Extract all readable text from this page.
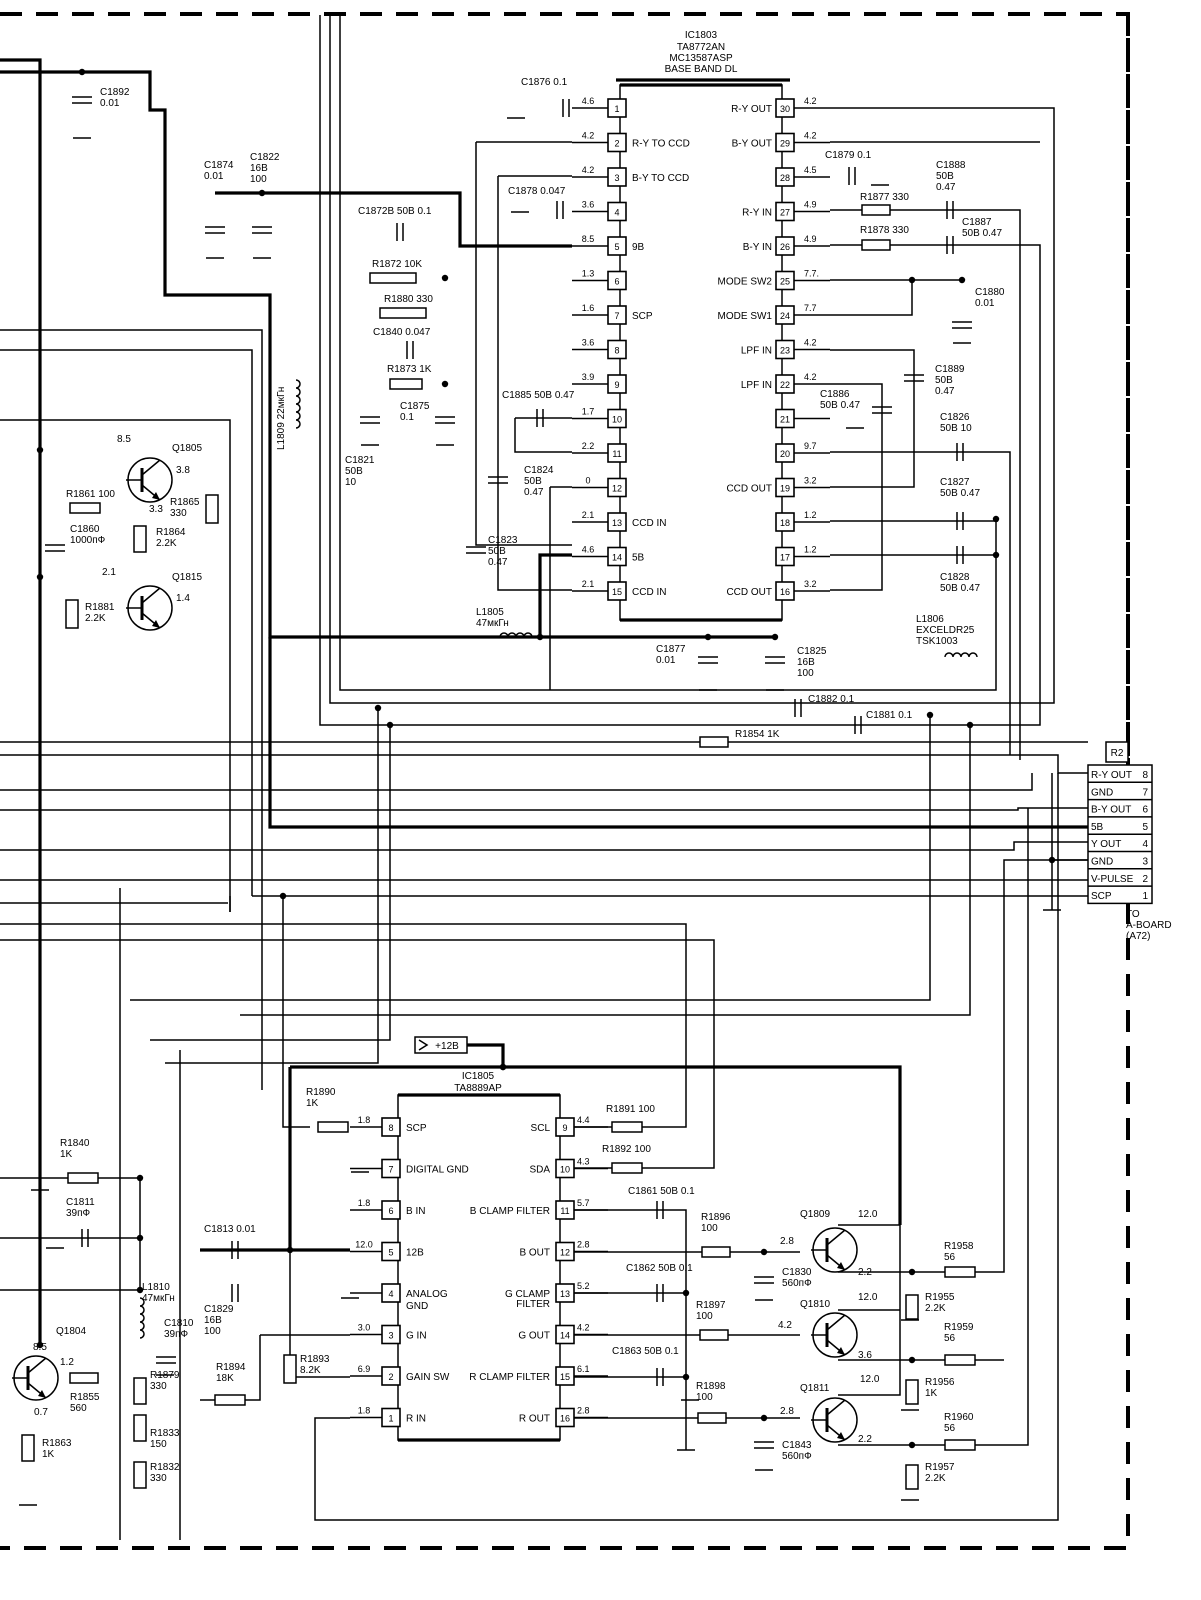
IC1803
TA8772AN
MC13587ASP
BASE BAND DL
1
4.6
2
4.2
R-Y TO CCD
3
4.2
B-Y TO CCD
4
3.6
5
8.5
9B
6
1.3
7
1.6
SCP
8
3.6
9
3.9
10
1.7
11
2.2
12
0
13
2.1
CCD IN
14
4.6
5B
15
2.1
CCD IN
30
4.2
R-Y OUT
29
4.2
B-Y OUT
28
4.5
27
4.9
R-Y IN
26
4.9
B-Y IN
25
7.7.
MODE SW2
24
7.7
MODE SW1
23
4.2
LPF IN
22
4.2
LPF IN
21
20
9.7
19
3.2
CCD OUT
18
1.2
17
1.2
16
3.2
CCD OUT
IC1805
TA8889AP
8
1.8
SCP
7 DIGITAL GND
6
1.8
B IN
5
12.0
12B
4 ANALOG
3
3.0
G IN
2
6.9
GAIN SW
1
1.8
R IN
GND
9
4.4
SCL
10
4.3
SDA
11
5.7
B CLAMP FILTER
12
2.8
B OUT
13
5.2
G CLAMP
14
4.2
G OUT
15
6.1
R CLAMP FILTER
16
2.8
R OUT
FILTER
+12B
R2
R-Y OUT 8
GND	7
B-Y OUT 6
5B	5
Y OUT 4
GND	3
V-PULSE 2
SCP	1
TO
A-BOARD
(A72)
C1892
0.01
C1874
0.01
C1822
16B
100
C1876 0.1
C1878 0.047
C1872B 50B 0.1
R1872 10K
R1880 330
C1840 0.047
R1873 1K
C1875
0.1
C1821
50B
10
C1885 50B 0.47
C1824
50B
0.47
C1823
50B
0.47
L1809 22мкГн
Q1805
8.5
3.8
3.3
R1861 100
R1865
330
C1860
1000пФ
R1864
2.2K
Q1815
2.1
1.4
R1881
2.2K
L1805
47мкГн
C1879 0.1
C1888
50B
0.47
R1877 330
C1887
50B 0.47
R1878 330
C1880
0.01
C1889
50B
0.47
C1886
50B 0.47
C1826
50B 10
C1827
50B 0.47
C1828
50B 0.47
L1806
EXCELDR25
TSK1003
C1877
0.01
C1825
16B
100
C1882 0.1
C1881 0.1
R1854 1K
R1890
1K
R1891 100
R1892 100
C1861 50B 0.1
R1896
100
C1862 50B 0.1
R1897
100
C1863 50B 0.1
R1898
100
Q1809
Q1810
Q1811
C1830
560пФ
C1843
560пФ
R1958
56
R1955
2.2K
R1959
56
R1956
1K
R1960
56
R1957
2.2K
C1813 0.01
C1829
16B
100
R1893
8.2K
R1894
18K
R1840
1K
C1811
39пФ
L1810
47мкГн
C1810
39пФ
Q1804
8.5
0.7
1.2
R1855
560
R1863
1K
R1879
330
R1833
150
R1832
330
12.0
2.8
2.2
12.0
4.2
3.6
12.0
2.8
2.2
